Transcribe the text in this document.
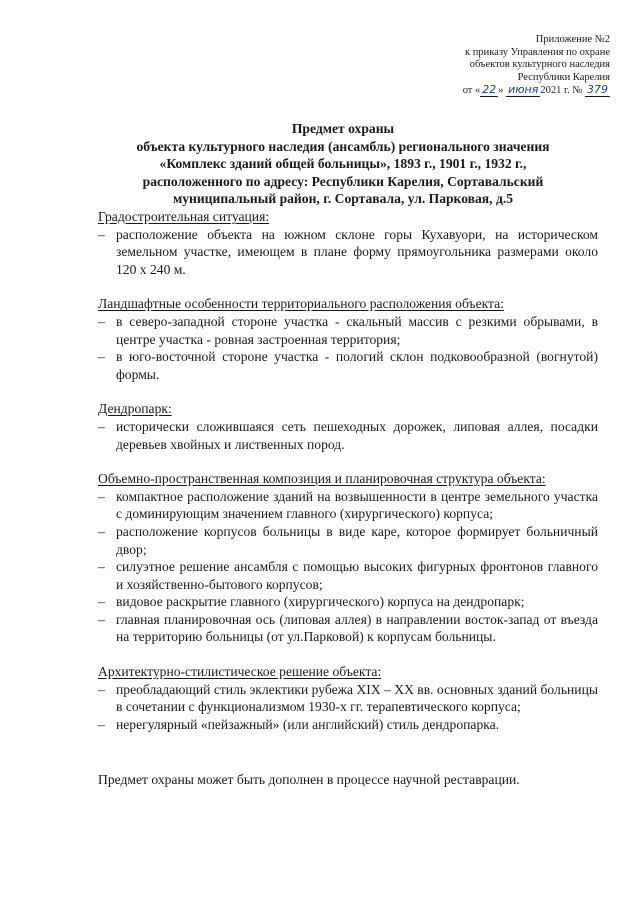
Приложение №2
к приказу Управления по охране
объектов культурного наследия
Республики Карелия
от « 22 » июня 2021 г. № 379
Предмет охраны
объекта культурного наследия (ансамбль) регионального значения
«Комплекс зданий общей больницы», 1893 г., 1901 г., 1932 г.,
расположенного по адресу: Республики Карелия, Сортавальский
муниципальный район, г. Сортавала, ул. Парковая, д.5
Градостроительная ситуация:
– расположение объекта на южном склоне горы Кухавуори, на историческом земельном участке, имеющем в плане форму прямоугольника размерами около 120 х 240 м.
Ландшафтные особенности территориального расположения объекта:
– в северо-западной стороне участка - скальный массив с резкими обрывами, в центре участка - ровная застроенная территория;
– в юго-восточной стороне участка - пологий склон подковообразной (вогнутой) формы.
Дендропарк:
– исторически сложившаяся сеть пешеходных дорожек, липовая аллея, посадки деревьев хвойных и лиственных пород.
Объемно-пространственная композиция и планировочная структура объекта:
– компактное расположение зданий на возвышенности в центре земельного участка с доминирующим значением главного (хирургического) корпуса;
– расположение корпусов больницы в виде каре, которое формирует больничный двор;
– силуэтное решение ансамбля с помощью высоких фигурных фронтонов главного и хозяйственно-бытового корпусов;
– видовое раскрытие главного (хирургического) корпуса на дендропарк;
– главная планировочная ось (липовая аллея) в направлении восток-запад от въезда на территорию больницы (от ул.Парковой) к корпусам больницы.
Архитектурно-стилистическое решение объекта:
– преобладающий стиль эклектики рубежа XIX – XX вв. основных зданий больницы в сочетании с функционализмом 1930-х гг. терапевтического корпуса;
– нерегулярный «пейзажный» (или английский) стиль дендропарка.
Предмет охраны может быть дополнен в процессе научной реставрации.
